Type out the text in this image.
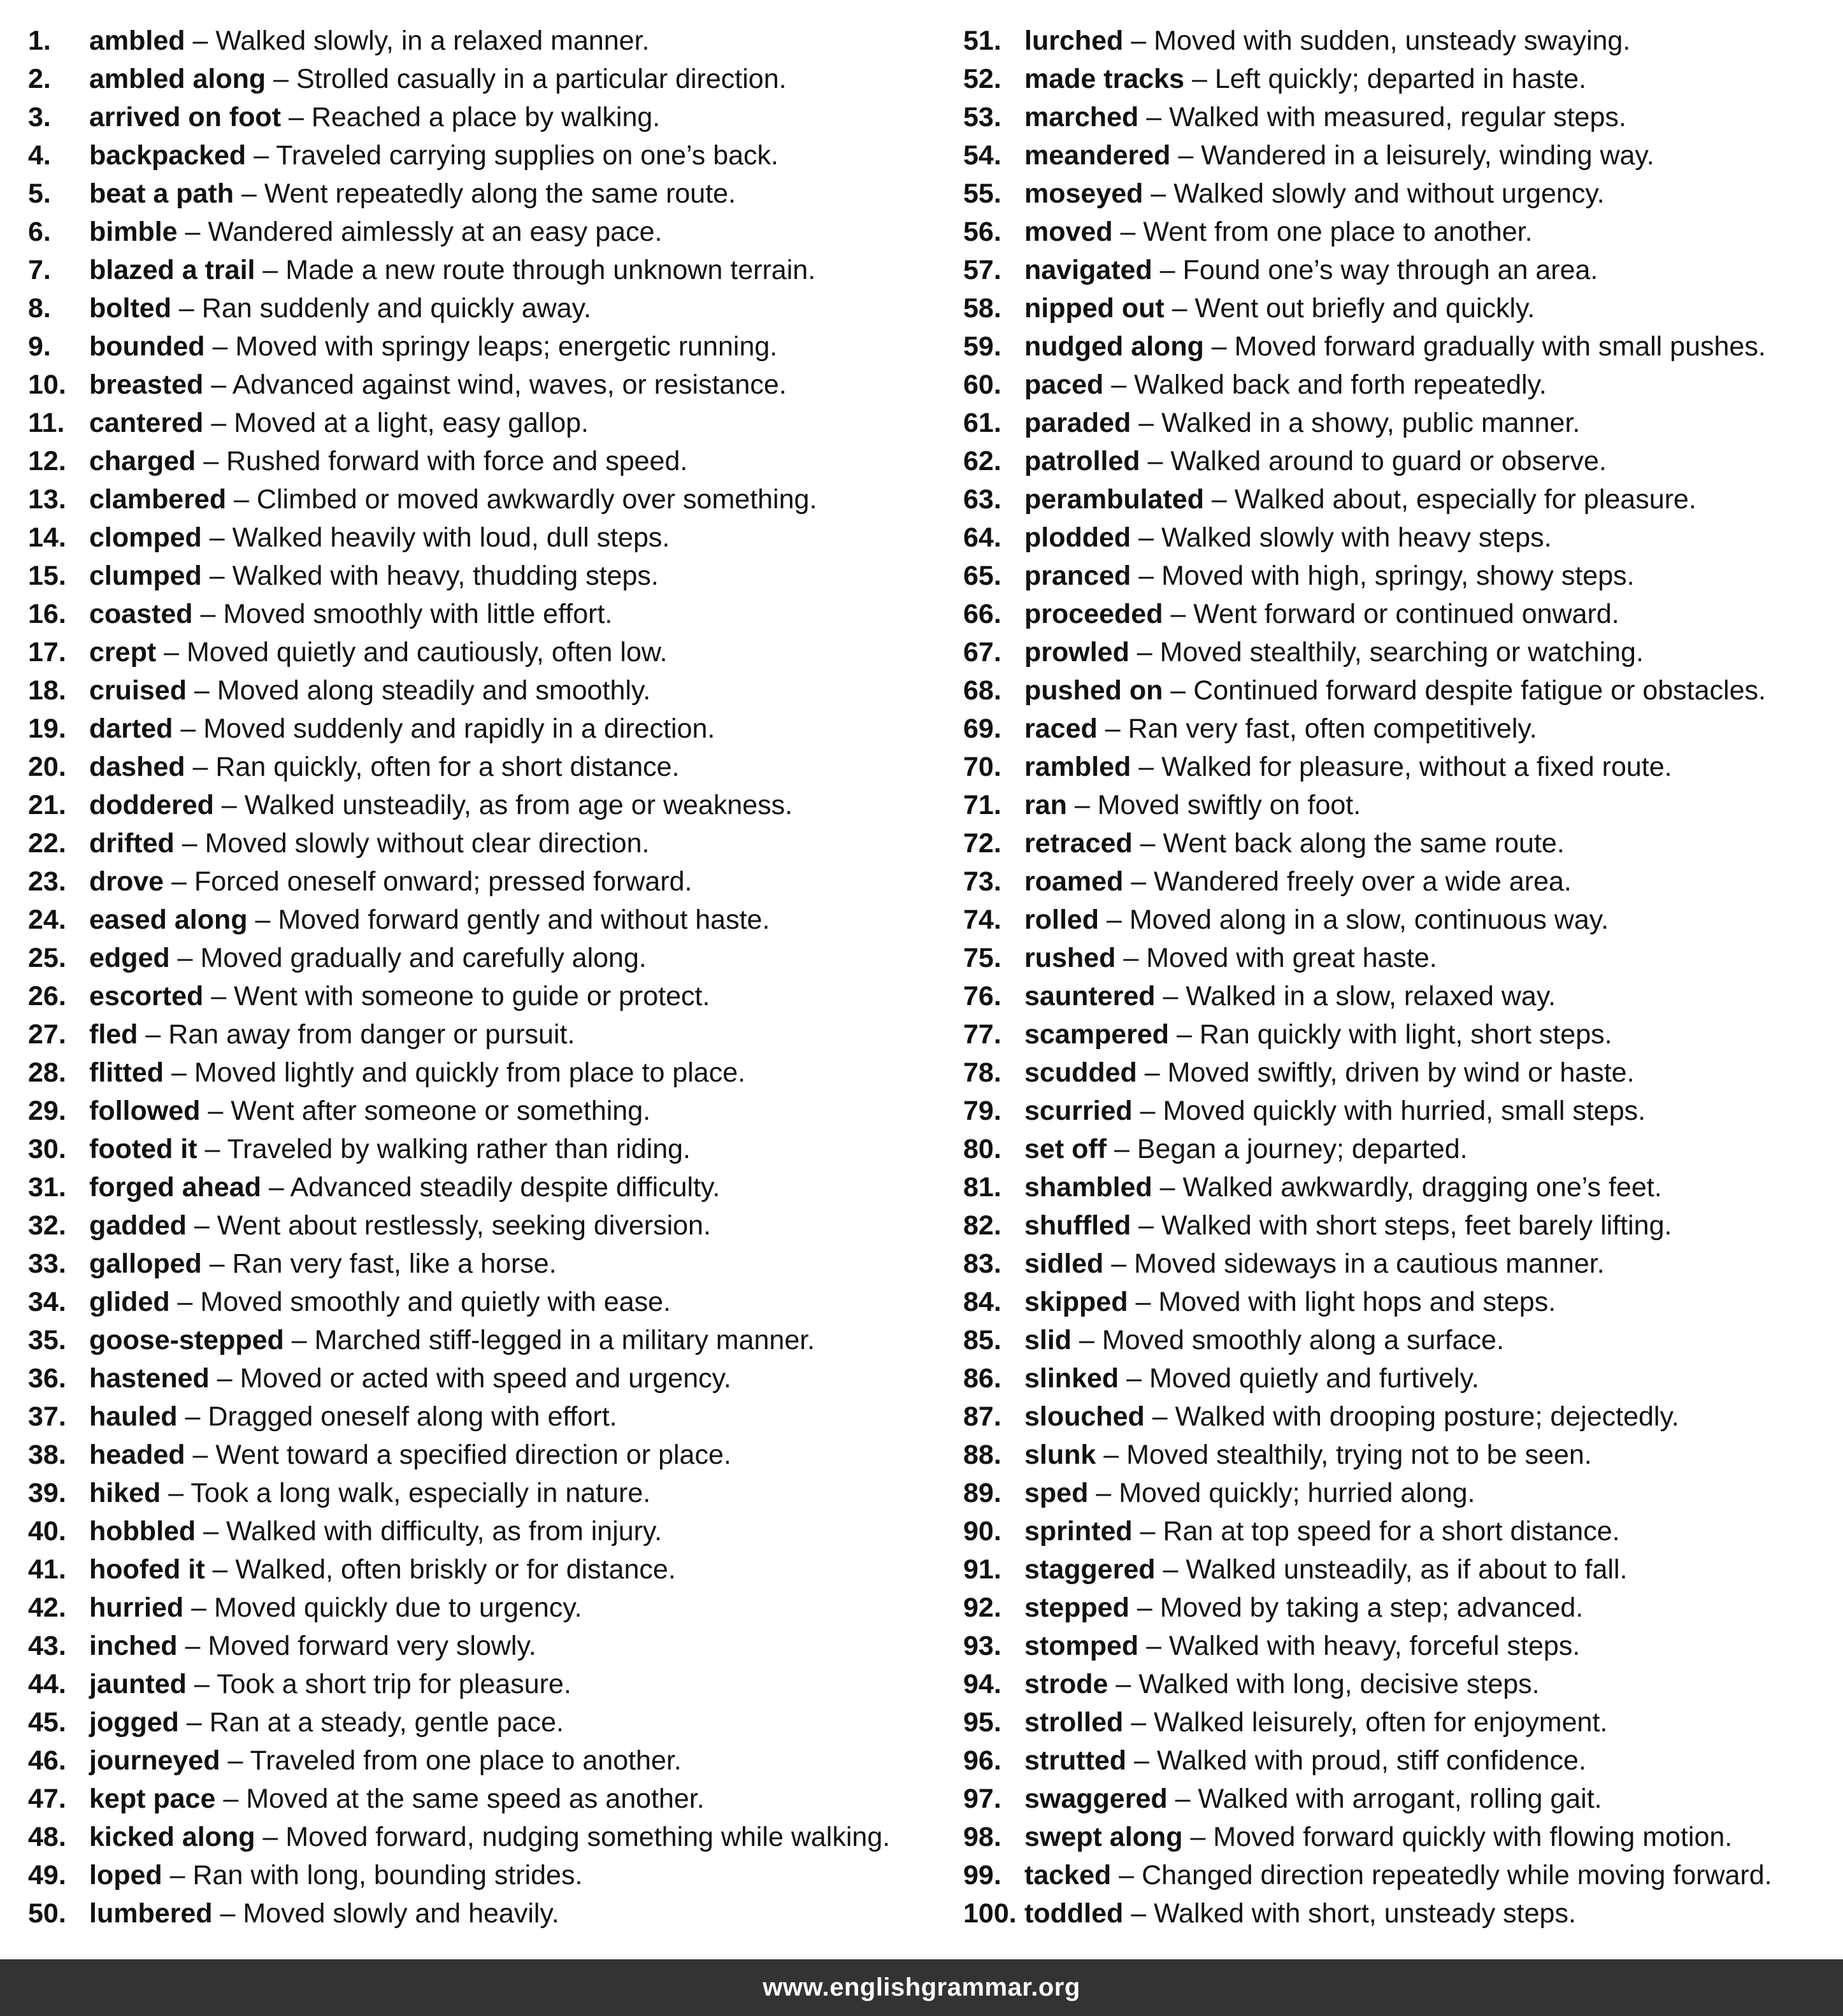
1. ambled – Walked slowly, in a relaxed manner.
2. ambled along – Strolled casually in a particular direction.
3. arrived on foot – Reached a place by walking.
4. backpacked – Traveled carrying supplies on one’s back.
5. beat a path – Went repeatedly along the same route.
6. bimble – Wandered aimlessly at an easy pace.
7. blazed a trail – Made a new route through unknown terrain.
8. bolted – Ran suddenly and quickly away.
9. bounded – Moved with springy leaps; energetic running.
10. breasted – Advanced against wind, waves, or resistance.
11. cantered – Moved at a light, easy gallop.
12. charged – Rushed forward with force and speed.
13. clambered – Climbed or moved awkwardly over something.
14. clomped – Walked heavily with loud, dull steps.
15. clumped – Walked with heavy, thudding steps.
16. coasted – Moved smoothly with little effort.
17. crept – Moved quietly and cautiously, often low.
18. cruised – Moved along steadily and smoothly.
19. darted – Moved suddenly and rapidly in a direction.
20. dashed – Ran quickly, often for a short distance.
21. doddered – Walked unsteadily, as from age or weakness.
22. drifted – Moved slowly without clear direction.
23. drove – Forced oneself onward; pressed forward.
24. eased along – Moved forward gently and without haste.
25. edged – Moved gradually and carefully along.
26. escorted – Went with someone to guide or protect.
27. fled – Ran away from danger or pursuit.
28. flitted – Moved lightly and quickly from place to place.
29. followed – Went after someone or something.
30. footed it – Traveled by walking rather than riding.
31. forged ahead – Advanced steadily despite difficulty.
32. gadded – Went about restlessly, seeking diversion.
33. galloped – Ran very fast, like a horse.
34. glided – Moved smoothly and quietly with ease.
35. goose-stepped – Marched stiff-legged in a military manner.
36. hastened – Moved or acted with speed and urgency.
37. hauled – Dragged oneself along with effort.
38. headed – Went toward a specified direction or place.
39. hiked – Took a long walk, especially in nature.
40. hobbled – Walked with difficulty, as from injury.
41. hoofed it – Walked, often briskly or for distance.
42. hurried – Moved quickly due to urgency.
43. inched – Moved forward very slowly.
44. jaunted – Took a short trip for pleasure.
45. jogged – Ran at a steady, gentle pace.
46. journeyed – Traveled from one place to another.
47. kept pace – Moved at the same speed as another.
48. kicked along – Moved forward, nudging something while walking.
49. loped – Ran with long, bounding strides.
50. lumbered – Moved slowly and heavily.
51. lurched – Moved with sudden, unsteady swaying.
52. made tracks – Left quickly; departed in haste.
53. marched – Walked with measured, regular steps.
54. meandered – Wandered in a leisurely, winding way.
55. moseyed – Walked slowly and without urgency.
56. moved – Went from one place to another.
57. navigated – Found one’s way through an area.
58. nipped out – Went out briefly and quickly.
59. nudged along – Moved forward gradually with small pushes.
60. paced – Walked back and forth repeatedly.
61. paraded – Walked in a showy, public manner.
62. patrolled – Walked around to guard or observe.
63. perambulated – Walked about, especially for pleasure.
64. plodded – Walked slowly with heavy steps.
65. pranced – Moved with high, springy, showy steps.
66. proceeded – Went forward or continued onward.
67. prowled – Moved stealthily, searching or watching.
68. pushed on – Continued forward despite fatigue or obstacles.
69. raced – Ran very fast, often competitively.
70. rambled – Walked for pleasure, without a fixed route.
71. ran – Moved swiftly on foot.
72. retraced – Went back along the same route.
73. roamed – Wandered freely over a wide area.
74. rolled – Moved along in a slow, continuous way.
75. rushed – Moved with great haste.
76. sauntered – Walked in a slow, relaxed way.
77. scampered – Ran quickly with light, short steps.
78. scudded – Moved swiftly, driven by wind or haste.
79. scurried – Moved quickly with hurried, small steps.
80. set off – Began a journey; departed.
81. shambled – Walked awkwardly, dragging one’s feet.
82. shuffled – Walked with short steps, feet barely lifting.
83. sidled – Moved sideways in a cautious manner.
84. skipped – Moved with light hops and steps.
85. slid – Moved smoothly along a surface.
86. slinked – Moved quietly and furtively.
87. slouched – Walked with drooping posture; dejectedly.
88. slunk – Moved stealthily, trying not to be seen.
89. sped – Moved quickly; hurried along.
90. sprinted – Ran at top speed for a short distance.
91. staggered – Walked unsteadily, as if about to fall.
92. stepped – Moved by taking a step; advanced.
93. stomped – Walked with heavy, forceful steps.
94. strode – Walked with long, decisive steps.
95. strolled – Walked leisurely, often for enjoyment.
96. strutted – Walked with proud, stiff confidence.
97. swaggered – Walked with arrogant, rolling gait.
98. swept along – Moved forward quickly with flowing motion.
99. tacked – Changed direction repeatedly while moving forward.
100. toddled – Walked with short, unsteady steps.
www.englishgrammar.org
